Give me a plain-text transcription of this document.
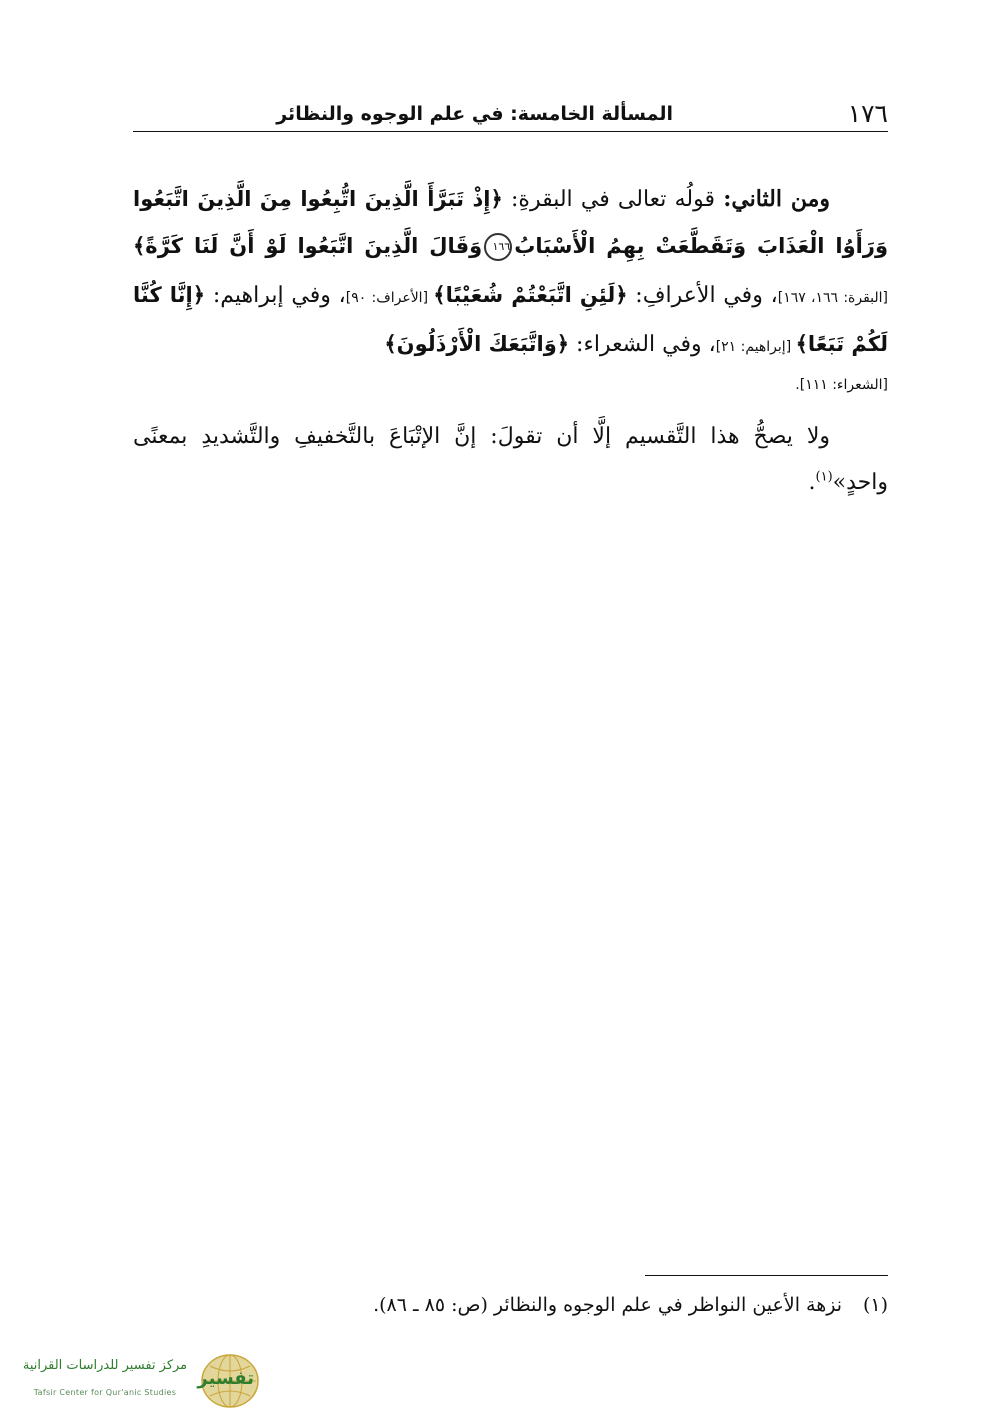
١٧٦
المسألة الخامسة: في علم الوجوه والنظائر

ومن الثاني: قولُه تعالى في البقرةِ: ﴿إِذْ تَبَرَّأَ الَّذِينَ اتُّبِعُوا مِنَ الَّذِينَ اتَّبَعُوا وَرَأَوُا الْعَذَابَ وَتَقَطَّعَتْ بِهِمُ الْأَسْبَابُ١٦٦وَقَالَ الَّذِينَ اتَّبَعُوا لَوْ أَنَّ لَنَا كَرَّةً﴾ [البقرة: ١٦٦، ١٦٧]، وفي الأعرافِ: ﴿لَئِنِ اتَّبَعْتُمْ شُعَيْبًا﴾ [الأعراف: ٩٠]، وفي إبراهيم: ﴿إِنَّا كُنَّا لَكُمْ تَبَعًا﴾ [إبراهيم: ٢١]، وفي الشعراء: ﴿وَاتَّبَعَكَ الْأَرْذَلُونَ﴾
[الشعراء: ١١١].

ولا يصحُّ هذا التَّقسيم إلَّا أن تقولَ: إنَّ الإتْبَاعَ بالتَّخفيفِ والتَّشديدِ بمعنًى واحدٍ»$^{(١)}$.

(١)نزهة الأعين النواظر في علم الوجوه والنظائر (ص: ٨٥ ـ ٨٦).
تفسير
مركز تفسير للدراسات القرآنية
Tafsir Center for Qur'anic Studies
